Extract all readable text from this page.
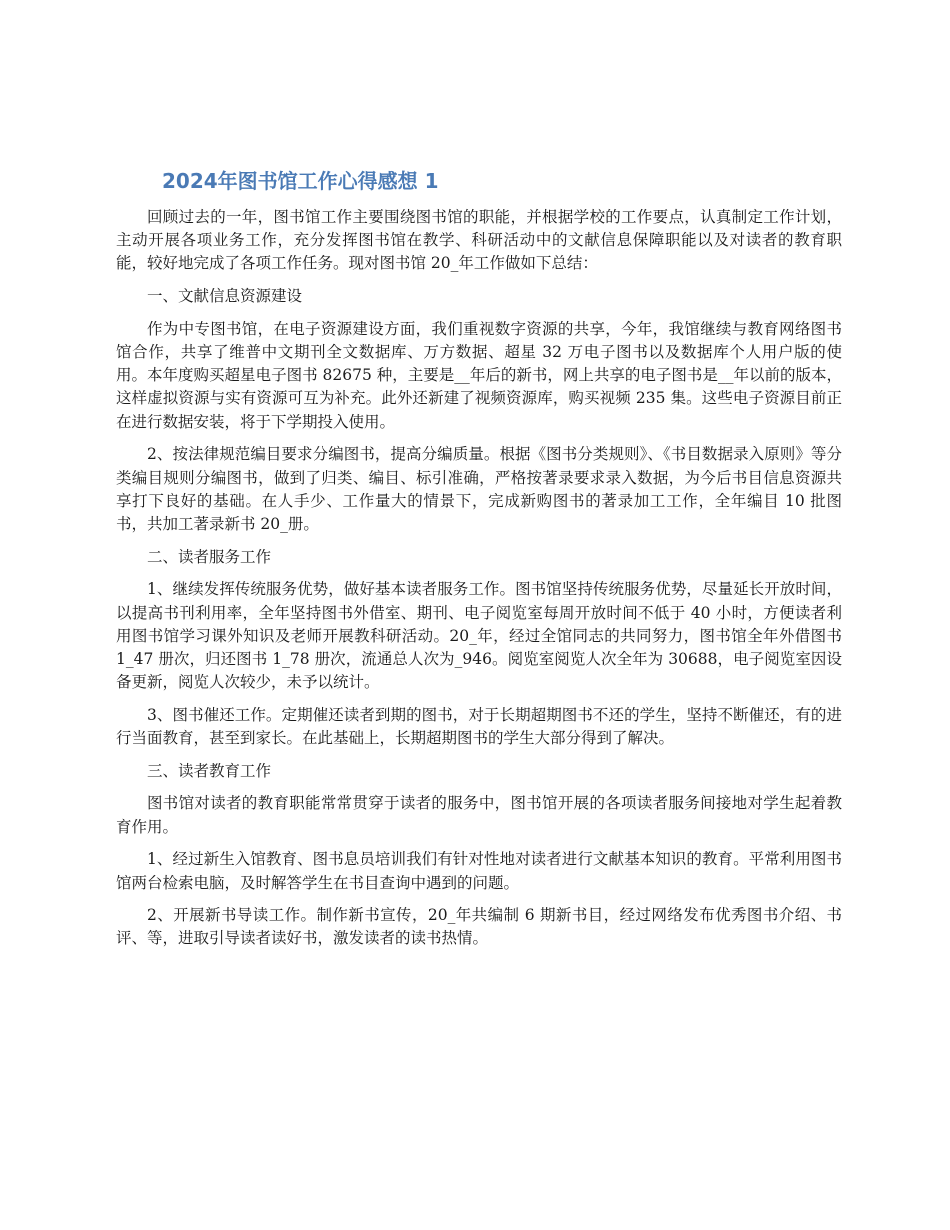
2024年图书馆工作心得感想 1

回顾过去的一年，图书馆工作主要围绕图书馆的职能，并根据学校的工作要点，认真制定工作计划，主动开展各项业务工作，充分发挥图书馆在教学、科研活动中的文献信息保障职能以及对读者的教育职能，较好地完成了各项工作任务。现对图书馆 20_年工作做如下总结：

一、文献信息资源建设

作为中专图书馆，在电子资源建设方面，我们重视数字资源的共享，今年，我馆继续与教育网络图书馆合作，共享了维普中文期刊全文数据库、万方数据、超星 32 万电子图书以及数据库个人用户版的使用。本年度购买超星电子图书 82675 种，主要是__年后的新书，网上共享的电子图书是__年以前的版本，这样虚拟资源与实有资源可互为补充。此外还新建了视频资源库，购买视频 235 集。这些电子资源目前正在进行数据安装，将于下学期投入使用。

2、按法律规范编目要求分编图书，提高分编质量。根据《图书分类规则》、《书目数据录入原则》等分类编目规则分编图书，做到了归类、编目、标引准确，严格按著录要求录入数据，为今后书目信息资源共享打下良好的基础。在人手少、工作量大的情景下，完成新购图书的著录加工工作，全年编目 10 批图书，共加工著录新书 20_册。

二、读者服务工作

1、继续发挥传统服务优势，做好基本读者服务工作。图书馆坚持传统服务优势，尽量延长开放时间，以提高书刊利用率，全年坚持图书外借室、期刊、电子阅览室每周开放时间不低于 40 小时，方便读者利用图书馆学习课外知识及老师开展教科研活动。20_年，经过全馆同志的共同努力，图书馆全年外借图书 1_47 册次，归还图书 1_78 册次，流通总人次为_946。阅览室阅览人次全年为 30688，电子阅览室因设备更新，阅览人次较少，未予以统计。

3、图书催还工作。定期催还读者到期的图书，对于长期超期图书不还的学生，坚持不断催还，有的进行当面教育，甚至到家长。在此基础上，长期超期图书的学生大部分得到了解决。

三、读者教育工作

图书馆对读者的教育职能常常贯穿于读者的服务中，图书馆开展的各项读者服务间接地对学生起着教育作用。

1、经过新生入馆教育、图书息员培训我们有针对性地对读者进行文献基本知识的教育。平常利用图书馆两台检索电脑，及时解答学生在书目查询中遇到的问题。

2、开展新书导读工作。制作新书宣传，20_年共编制 6 期新书目，经过网络发布优秀图书介绍、书评、等，进取引导读者读好书，激发读者的读书热情。
